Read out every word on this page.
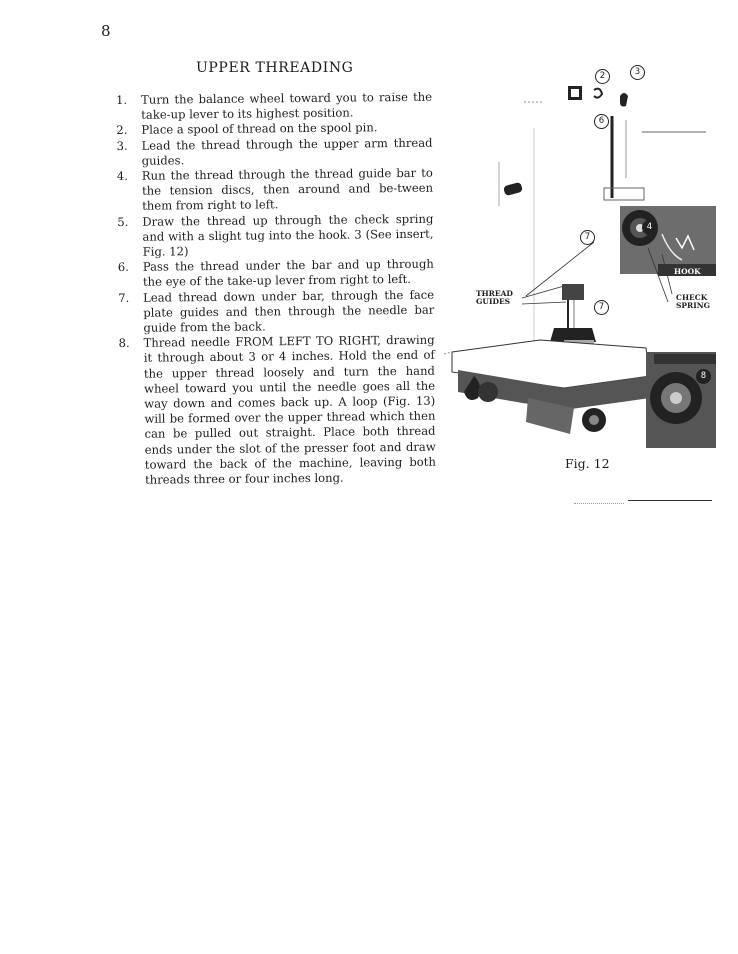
8
UPPER THREADING
1. Turn the balance wheel toward you to raise the take-up lever to its highest position.
2. Place a spool of thread on the spool pin.
3. Lead the thread through the upper arm thread guides.
4. Run the thread through the thread guide bar to the tension discs, then around and be-tween them from right to left.
5. Draw the thread up through the check spring and with a slight tug into the hook. 3 (See insert, Fig. 12)
6. Pass the thread under the bar and up through the eye of the take-up lever from right to left.
7. Lead thread down under bar, through the face plate guides and then through the needle bar guide from the back.
8. Thread needle FROM LEFT TO RIGHT, drawing it through about 3 or 4 inches. Hold the end of the upper thread loosely and turn the hand wheel toward you until the needle goes all the way down and comes back up. A loop (Fig. 13) will be formed over the upper thread which then can be pulled out straight. Place both thread ends under the slot of the presser foot and draw toward the back of the machine, leaving both threads three or four inches long.
2	3
6
4
7
7
8
THREAD GUIDES
HOOK
CHECK SPRING
Fig. 12
